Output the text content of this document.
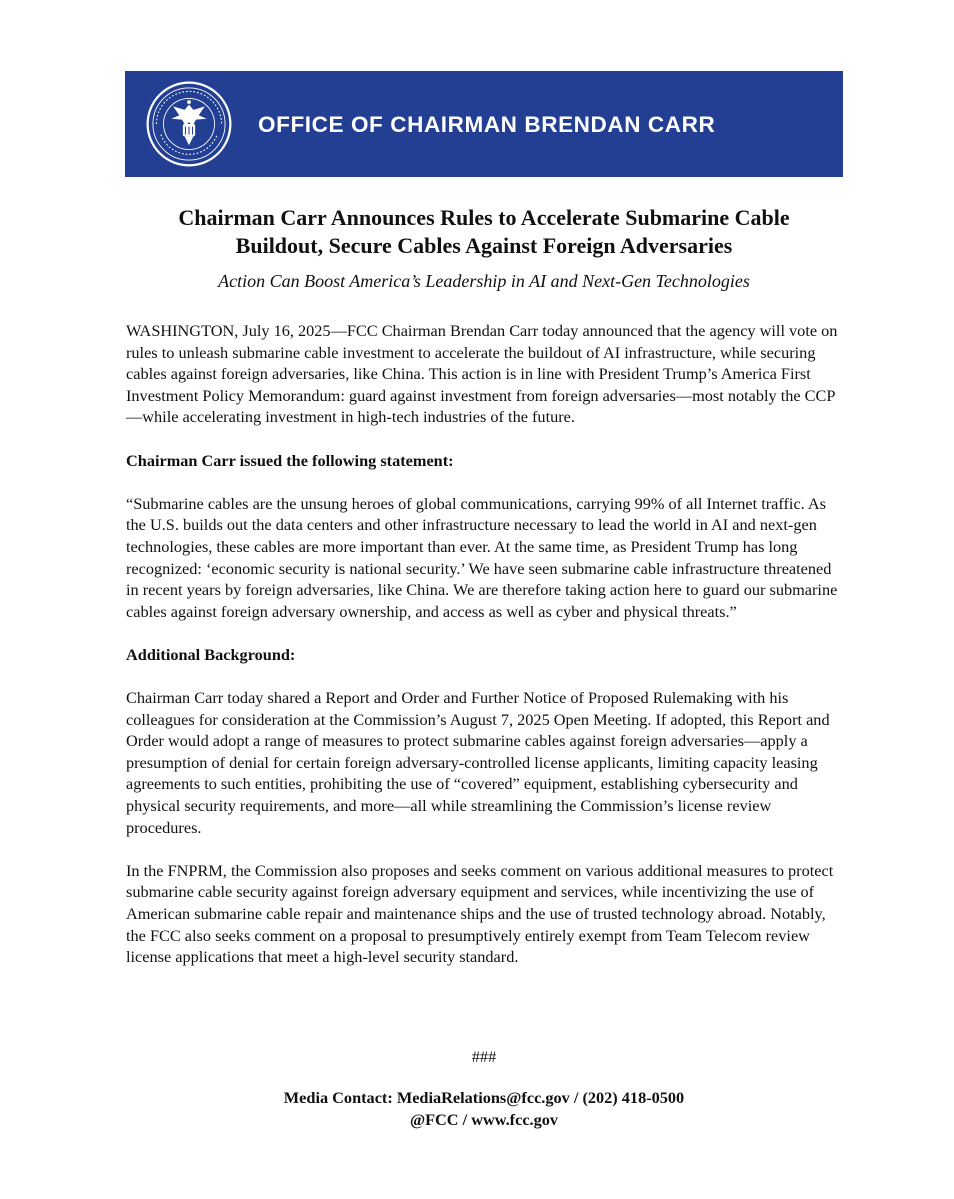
OFFICE OF CHAIRMAN BRENDAN CARR
Chairman Carr Announces Rules to Accelerate Submarine Cable
Buildout, Secure Cables Against Foreign Adversaries
Action Can Boost America’s Leadership in AI and Next-Gen Technologies

WASHINGTON, July 16, 2025—FCC Chairman Brendan Carr today announced that the agency will vote on rules to unleash submarine cable investment to accelerate the buildout of AI infrastructure, while securing cables against foreign adversaries, like China. This action is in line with President Trump’s America First Investment Policy Memorandum: guard against investment from foreign adversaries—most notably the CCP—while accelerating investment in high-tech industries of the future.

Chairman Carr issued the following statement:

“Submarine cables are the unsung heroes of global communications, carrying 99% of all Internet traffic. As the U.S. builds out the data centers and other infrastructure necessary to lead the world in AI and next-gen technologies, these cables are more important than ever. At the same time, as President Trump has long recognized: ‘economic security is national security.’ We have seen submarine cable infrastructure threatened in recent years by foreign adversaries, like China. We are therefore taking action here to guard our submarine cables against foreign adversary ownership, and access as well as cyber and physical threats.”

Additional Background:

Chairman Carr today shared a Report and Order and Further Notice of Proposed Rulemaking with his colleagues for consideration at the Commission’s August 7, 2025 Open Meeting. If adopted, this Report and Order would adopt a range of measures to protect submarine cables against foreign adversaries—apply a presumption of denial for certain foreign adversary-controlled license applicants, limiting capacity leasing agreements to such entities, prohibiting the use of “covered” equipment, establishing cybersecurity and physical security requirements, and more—all while streamlining the Commission’s license review procedures.

In the FNPRM, the Commission also proposes and seeks comment on various additional measures to protect submarine cable security against foreign adversary equipment and services, while incentivizing the use of American submarine cable repair and maintenance ships and the use of trusted technology abroad. Notably, the FCC also seeks comment on a proposal to presumptively entirely exempt from Team Telecom review license applications that meet a high-level security standard.

###
Media Contact: MediaRelations@fcc.gov / (202) 418-0500
@FCC / www.fcc.gov
